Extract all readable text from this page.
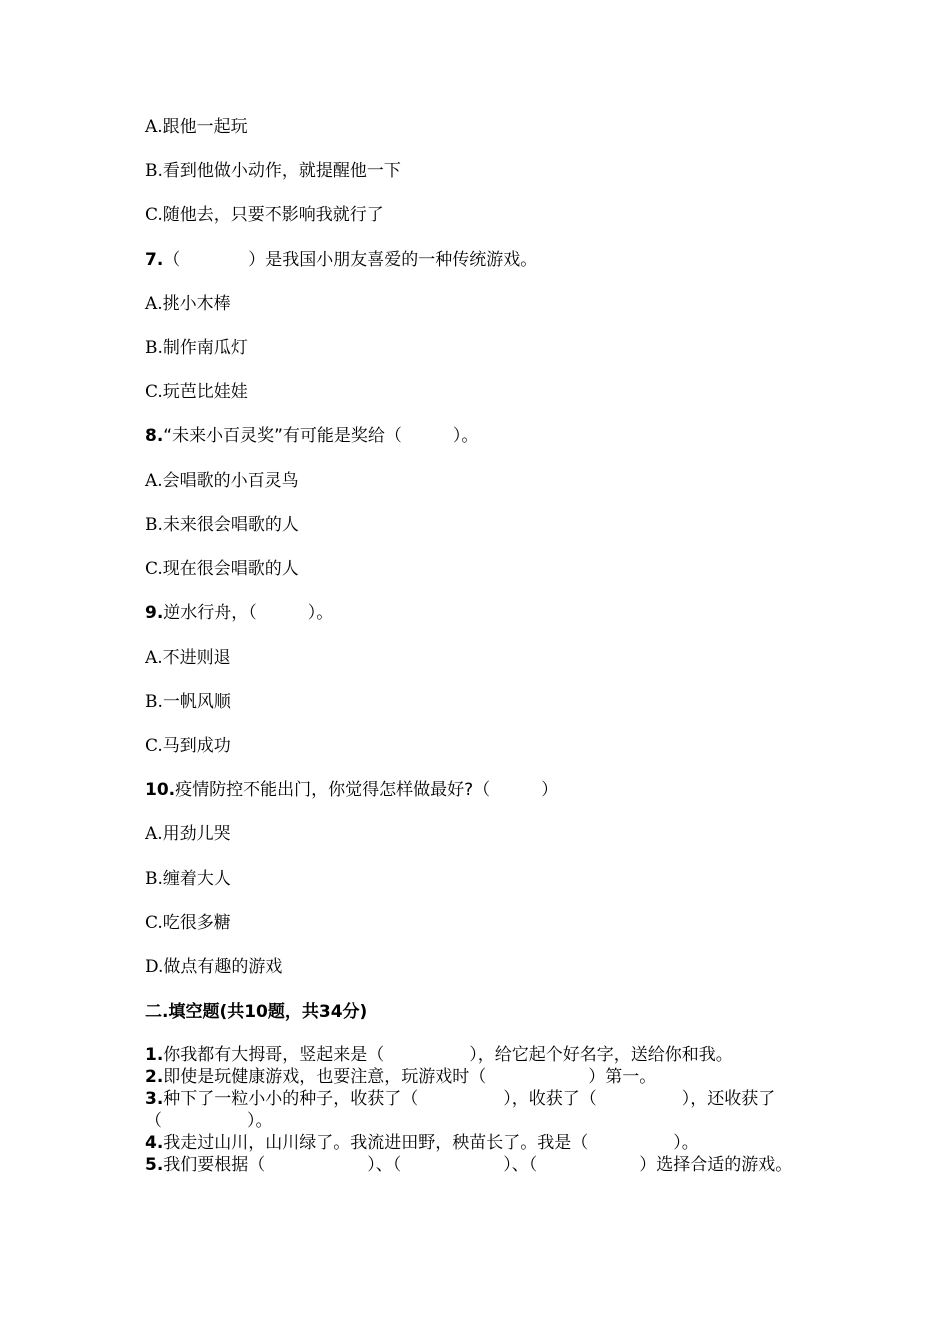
A.跟他一起玩
B.看到他做小动作，就提醒他一下
C.随他去，只要不影响我就行了
7.（　　　　）是我国小朋友喜爱的一种传统游戏。
A.挑小木棒
B.制作南瓜灯
C.玩芭比娃娃
8.“未来小百灵奖”有可能是奖给（　　　）。
A.会唱歌的小百灵鸟
B.未来很会唱歌的人
C.现在很会唱歌的人
9.逆水行舟，（　　　）。
A.不进则退
B.一帆风顺
C.马到成功
10.疫情防控不能出门，你觉得怎样做最好?（　　　）
A.用劲儿哭
B.缠着大人
C.吃很多糖
D.做点有趣的游戏
二.填空题(共10题，共34分)
1.你我都有大拇哥，竖起来是（　　　　　），给它起个好名字，送给你和我。
2.即使是玩健康游戏，也要注意，玩游戏时（　　　　　　）第一。
3.种下了一粒小小的种子，收获了（　　　　　），收获了（　　　　　），还收获了（　　　　　）。
4.我走过山川，山川绿了。我流进田野，秧苗长了。我是（　　　　　）。
5.我们要根据（　　　　　　）、（　　　　　　）、（　　　　　　）选择合适的游戏。
